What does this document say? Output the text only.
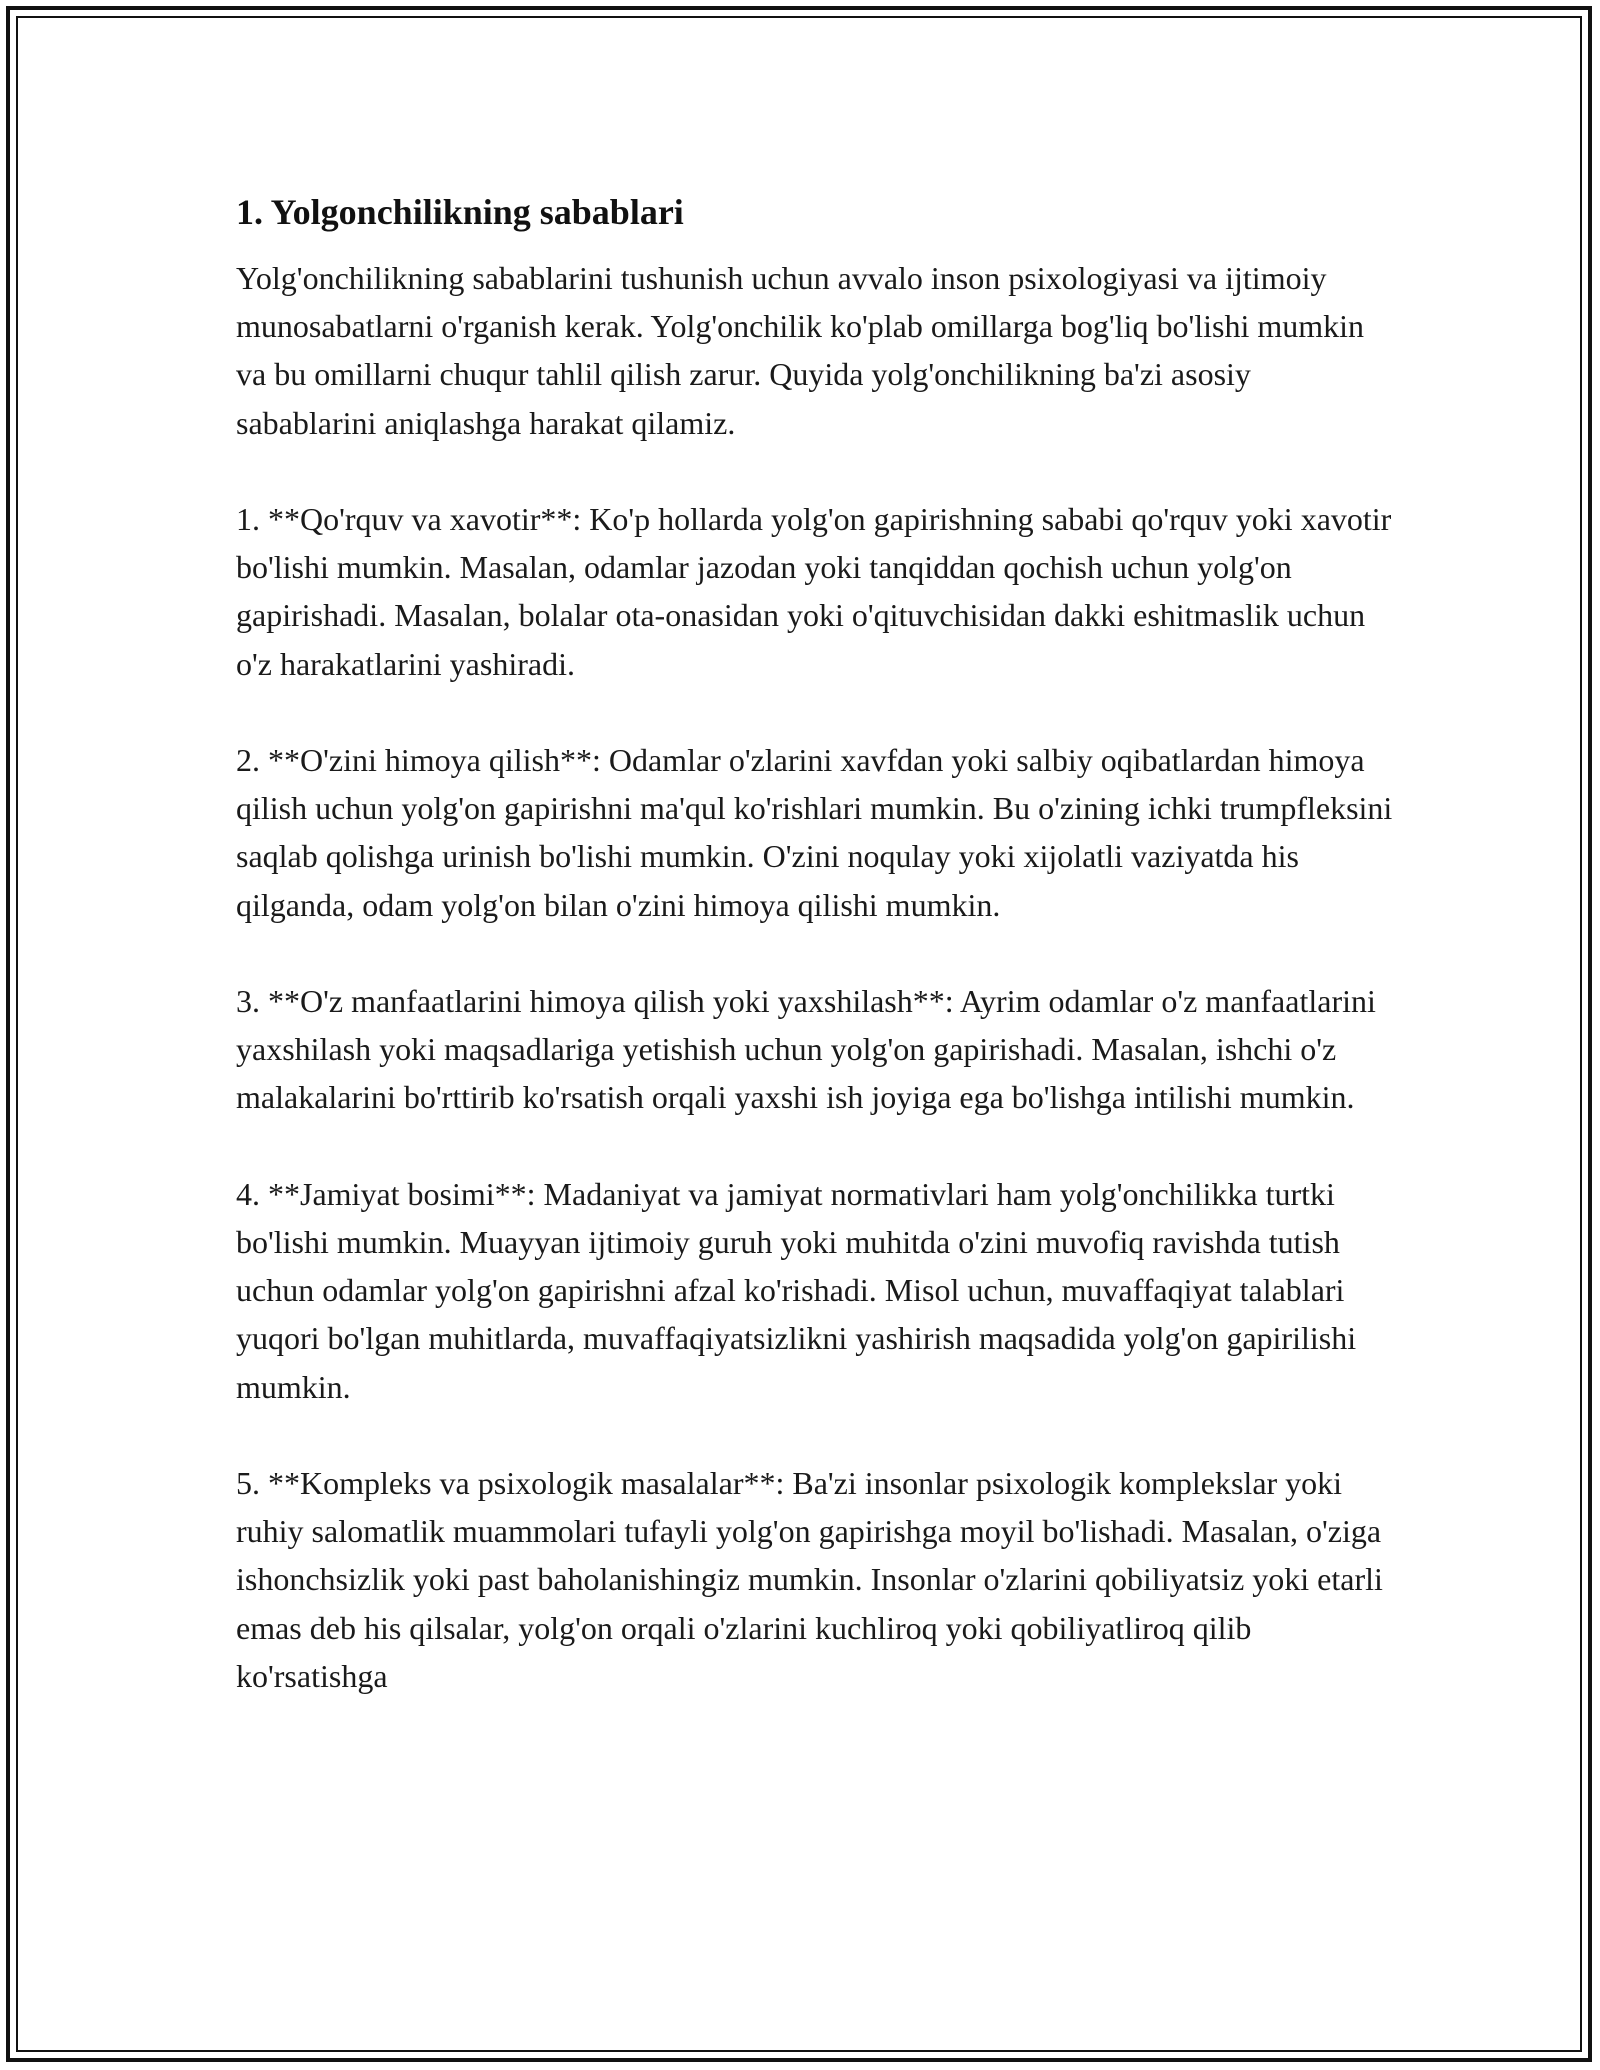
1. Yolgonchilikning sabablari

Yolg'onchilikning sabablarini tushunish uchun avvalo inson psixologiyasi va ijtimoiy munosabatlarni o'rganish kerak. Yolg'onchilik ko'plab omillarga bog'liq bo'lishi mumkin va bu omillarni chuqur tahlil qilish zarur. Quyida yolg'onchilikning ba'zi asosiy sabablarini aniqlashga harakat qilamiz.

1. **Qo'rquv va xavotir**: Ko'p hollarda yolg'on gapirishning sababi qo'rquv yoki xavotir bo'lishi mumkin. Masalan, odamlar jazodan yoki tanqiddan qochish uchun yolg'on gapirishadi. Masalan, bolalar ota-onasidan yoki o'qituvchisidan dakki eshitmaslik uchun o'z harakatlarini yashiradi.

2. **O'zini himoya qilish**: Odamlar o'zlarini xavfdan yoki salbiy oqibatlardan himoya qilish uchun yolg'on gapirishni ma'qul ko'rishlari mumkin. Bu o'zining ichki trumpfleksini saqlab qolishga urinish bo'lishi mumkin. O'zini noqulay yoki xijolatli vaziyatda his qilganda, odam yolg'on bilan o'zini himoya qilishi mumkin.

3. **O'z manfaatlarini himoya qilish yoki yaxshilash**: Ayrim odamlar o'z manfaatlarini yaxshilash yoki maqsadlariga yetishish uchun yolg'on gapirishadi. Masalan, ishchi o'z malakalarini bo'rttirib ko'rsatish orqali yaxshi ish joyiga ega bo'lishga intilishi mumkin.

4. **Jamiyat bosimi**: Madaniyat va jamiyat normativlari ham yolg'onchilikka turtki bo'lishi mumkin. Muayyan ijtimoiy guruh yoki muhitda o'zini muvofiq ravishda tutish uchun odamlar yolg'on gapirishni afzal ko'rishadi. Misol uchun, muvaffaqiyat talablari yuqori bo'lgan muhitlarda, muvaffaqiyatsizlikni yashirish maqsadida yolg'on gapirilishi mumkin.

5. **Kompleks va psixologik masalalar**: Ba'zi insonlar psixologik komplekslar yoki ruhiy salomatlik muammolari tufayli yolg'on gapirishga moyil bo'lishadi. Masalan, o'ziga ishonchsizlik yoki past baholanishingiz mumkin. Insonlar o'zlarini qobiliyatsiz yoki etarli emas deb his qilsalar, yolg'on orqali o'zlarini kuchliroq yoki qobiliyatliroq qilib ko'rsatishga
